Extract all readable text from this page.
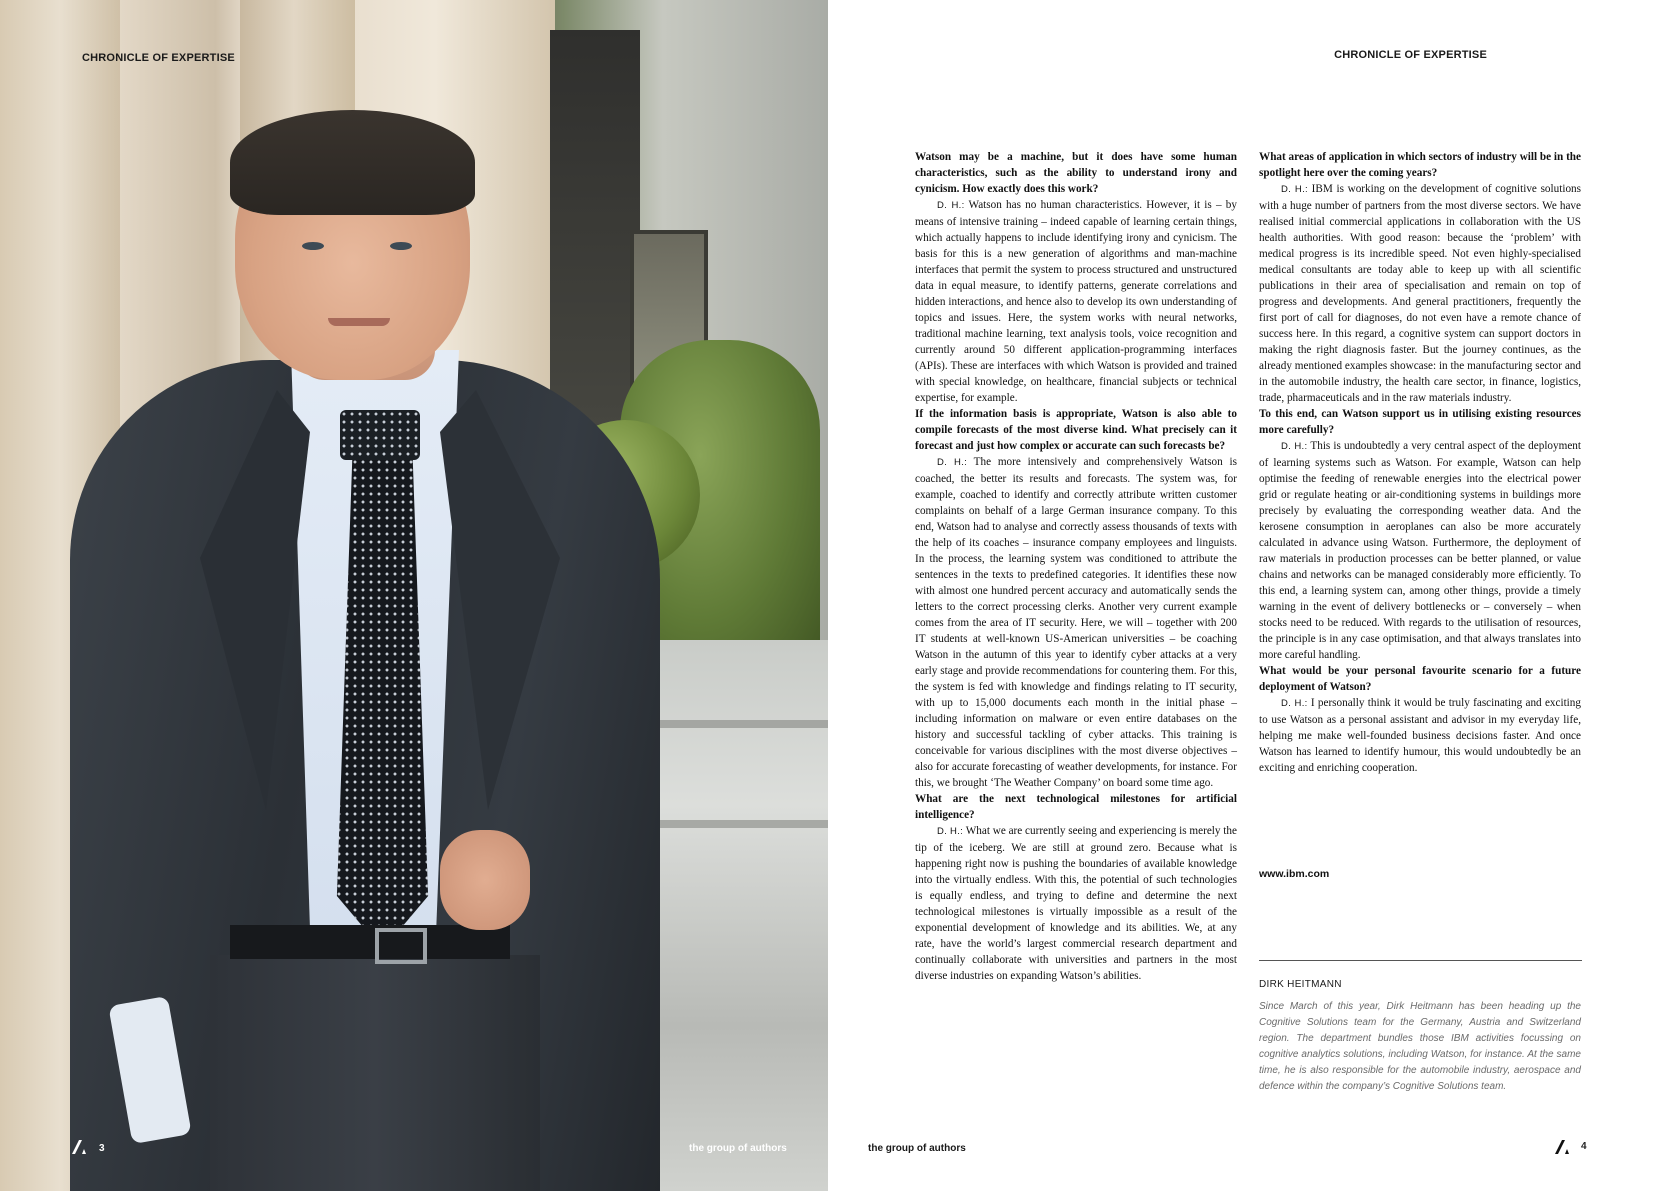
CHRONICLE OF EXPERTISE
3	the group of authors
CHRONICLE OF EXPERTISE

Watson may be a machine, but it does have some human characteristics, such as the ability to understand irony and cynicism. How exactly does this work?

D. H.: Watson has no human characteristics. However, it is – by means of intensive training – indeed capable of learning certain things, which actually happens to include identifying irony and cynicism. The basis for this is a new generation of algorithms and man-machine interfaces that permit the system to process structured and unstructured data in equal measure, to identify patterns, generate correlations and hidden interactions, and hence also to develop its own understanding of topics and issues. Here, the system works with neural networks, traditional machine learning, text analysis tools, voice recognition and currently around 50 different application-programming interfaces (APIs). These are interfaces with which Watson is provided and trained with special knowledge, on healthcare, financial subjects or technical expertise, for example.

If the information basis is appropriate, Watson is also able to compile forecasts of the most diverse kind. What precisely can it forecast and just how complex or accurate can such forecasts be?

D. H.: The more intensively and comprehensively Watson is coached, the better its results and forecasts. The system was, for example, coached to identify and correctly attribute written customer complaints on behalf of a large German insurance company. To this end, Watson had to analyse and correctly assess thousands of texts with the help of its coaches – insurance company employees and linguists. In the process, the learning system was conditioned to attribute the sentences in the texts to predefined categories. It identifies these now with almost one hundred percent accuracy and automatically sends the letters to the correct processing clerks. Another very current example comes from the area of IT security. Here, we will – together with 200 IT students at well-known US-American universities – be coaching Watson in the autumn of this year to identify cyber attacks at a very early stage and provide recommendations for countering them. For this, the system is fed with knowledge and findings relating to IT security, with up to 15,000 documents each month in the initial phase – including information on malware or even entire databases on the history and successful tackling of cyber attacks. This training is conceivable for various disciplines with the most diverse objectives – also for accurate forecasting of weather developments, for instance. For this, we brought ‘The Weather Company’ on board some time ago.

What are the next technological milestones for artificial intelligence?

D. H.: What we are currently seeing and experiencing is merely the tip of the iceberg. We are still at ground zero. Because what is happening right now is pushing the boundaries of available knowledge into the virtually endless. With this, the potential of such technologies is equally endless, and trying to define and determine the next technological milestones is virtually impossible as a result of the exponential development of knowledge and its abilities. We, at any rate, have the world’s largest commercial research department and continually collaborate with universities and partners in the most diverse industries on expanding Watson’s abilities.

What areas of application in which sectors of industry will be in the spotlight here over the coming years?

D. H.: IBM is working on the development of cognitive solutions with a huge number of partners from the most diverse sectors. We have realised initial commercial applications in collaboration with the US health authorities. With good reason: because the ‘problem’ with medical progress is its incredible speed. Not even highly-specialised medical consultants are today able to keep up with all scientific publications in their area of specialisation and remain on top of progress and developments. And general practitioners, frequently the first port of call for diagnoses, do not even have a remote chance of success here. In this regard, a cognitive system can support doctors in making the right diagnosis faster. But the journey continues, as the already mentioned examples showcase: in the manufacturing sector and in the automobile industry, the health care sector, in finance, logistics, trade, pharmaceuticals and in the raw materials industry.

To this end, can Watson support us in utilising existing resources more carefully?

D. H.: This is undoubtedly a very central aspect of the deployment of learning systems such as Watson. For example, Watson can help optimise the feeding of renewable energies into the electrical power grid or regulate heating or air-conditioning systems in buildings more precisely by evaluating the corresponding weather data. And the kerosene consumption in aeroplanes can also be more accurately calculated in advance using Watson. Furthermore, the deployment of raw materials in production processes can be better planned, or value chains and networks can be managed considerably more efficiently. To this end, a learning system can, among other things, provide a timely warning in the event of delivery bottlenecks or – conversely – when stocks need to be reduced. With regards to the utilisation of resources, the principle is in any case optimisation, and that always translates into more careful handling.

What would be your personal favourite scenario for a future deployment of Watson?

D. H.: I personally think it would be truly fascinating and exciting to use Watson as a personal assistant and advisor in my everyday life, helping me make well-founded business decisions faster. And once Watson has learned to identify humour, this would undoubtedly be an exciting and enriching cooperation.

www.ibm.com
DIRK HEITMANN
Since March of this year, Dirk Heitmann has been heading up the Cognitive Solutions team for the Germany, Austria and Switzerland region. The department bundles those IBM activities focussing on cognitive analytics solutions, including Watson, for instance. At the same time, he is also responsible for the automobile industry, aerospace and defence within the company’s Cognitive Solutions team.
the group of authors	4
